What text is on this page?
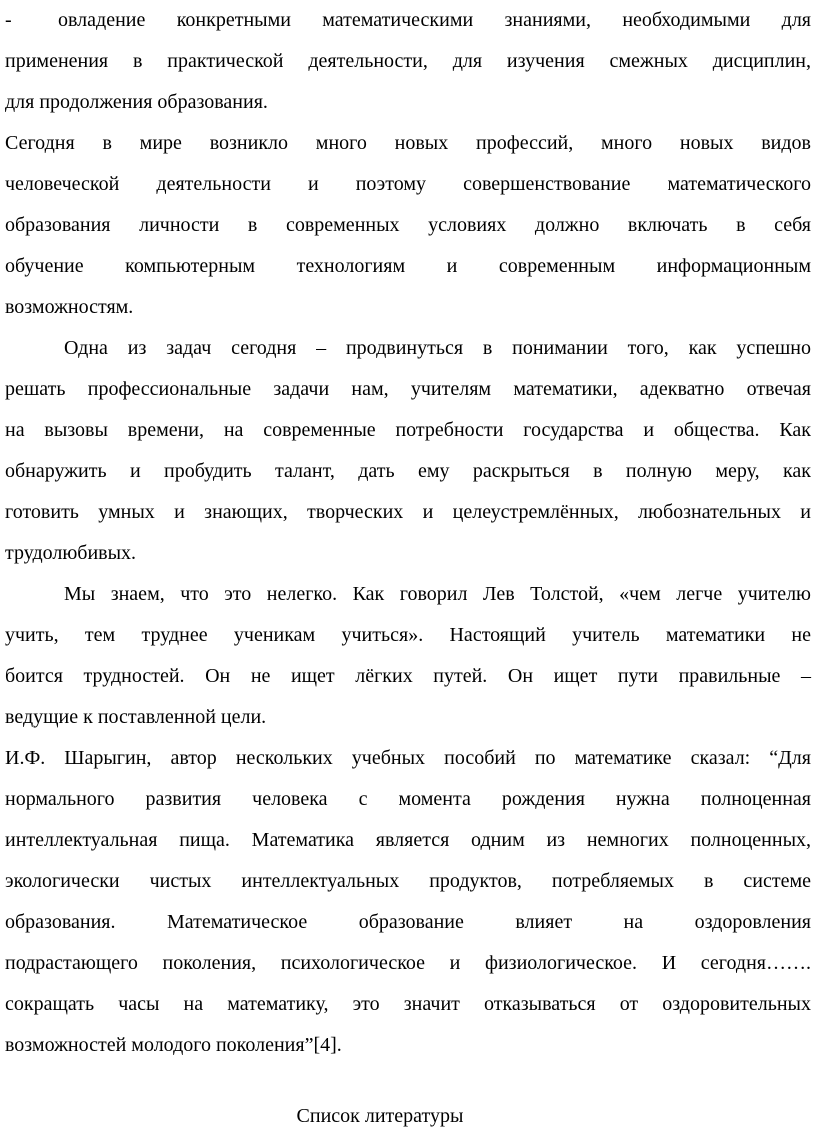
-	овладение конкретными математическими знаниями, необходимыми для
применения в практической деятельности, для изучения смежных дисциплин,
для продолжения образования.
Сегодня в мире возникло много новых профессий, много новых видов
человеческой деятельности и поэтому совершенствование математического
образования личности в современных условиях должно включать в себя
обучение компьютерным технологиям и современным информационным
возможностям.
Одна из задач сегодня – продвинуться в понимании того, как успешно
решать профессиональные задачи нам, учителям математики, адекватно отвечая
на вызовы времени, на современные потребности государства и общества. Как
обнаружить и пробудить талант, дать ему раскрыться в полную меру, как
готовить умных и знающих, творческих и целеустремлённых, любознательных и
трудолюбивых.
Мы знаем, что это нелегко. Как говорил Лев Толстой, «чем легче учителю
учить, тем труднее ученикам учиться». Настоящий учитель математики не
боится трудностей. Он не ищет лёгких путей. Он ищет пути правильные –
ведущие к поставленной цели.
И.Ф. Шарыгин, автор нескольких учебных пособий по математике сказал: “Для
нормального развития человека с момента рождения нужна полноценная
интеллектуальная пища. Математика является одним из немногих полноценных,
экологически чистых интеллектуальных продуктов, потребляемых в системе
образования. Математическое образование влияет на оздоровления
подрастающего поколения, психологическое и физиологическое. И сегодня…….
сокращать часы на математику, это значит отказываться от оздоровительных
возможностей молодого поколения”[4].
Список литературы
